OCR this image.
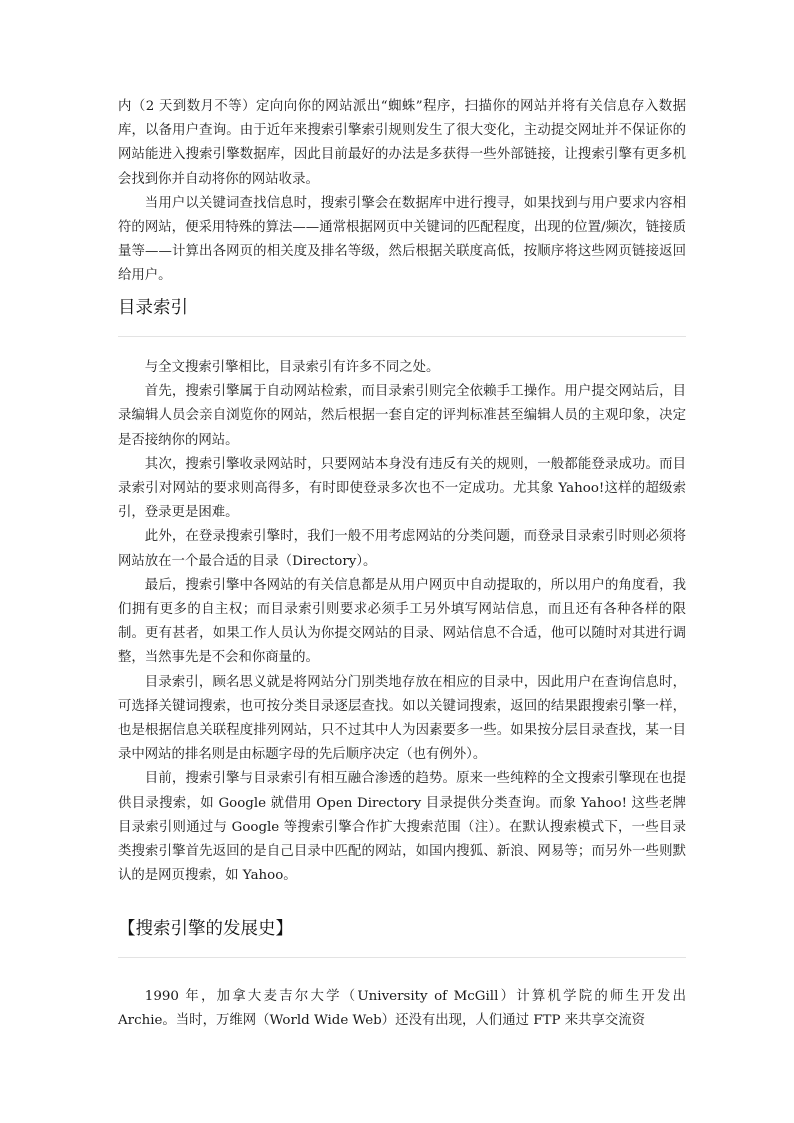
内（2 天到数月不等）定向向你的网站派出“蜘蛛”程序，扫描你的网站并将有关信息存入数据库，以备用户查询。由于近年来搜索引擎索引规则发生了很大变化，主动提交网址并不保证你的网站能进入搜索引擎数据库，因此目前最好的办法是多获得一些外部链接，让搜索引擎有更多机会找到你并自动将你的网站收录。

当用户以关键词查找信息时，搜索引擎会在数据库中进行搜寻，如果找到与用户要求内容相符的网站，便采用特殊的算法——通常根据网页中关键词的匹配程度，出现的位置/频次，链接质量等——计算出各网页的相关度及排名等级，然后根据关联度高低，按顺序将这些网页链接返回给用户。

目录索引

与全文搜索引擎相比，目录索引有许多不同之处。

首先，搜索引擎属于自动网站检索，而目录索引则完全依赖手工操作。用户提交网站后，目录编辑人员会亲自浏览你的网站，然后根据一套自定的评判标准甚至编辑人员的主观印象，决定是否接纳你的网站。

其次，搜索引擎收录网站时，只要网站本身没有违反有关的规则，一般都能登录成功。而目录索引对网站的要求则高得多，有时即使登录多次也不一定成功。尤其象 Yahoo!这样的超级索引，登录更是困难。

此外，在登录搜索引擎时，我们一般不用考虑网站的分类问题，而登录目录索引时则必须将网站放在一个最合适的目录（Directory）。

最后，搜索引擎中各网站的有关信息都是从用户网页中自动提取的，所以用户的角度看，我们拥有更多的自主权；而目录索引则要求必须手工另外填写网站信息，而且还有各种各样的限制。更有甚者，如果工作人员认为你提交网站的目录、网站信息不合适，他可以随时对其进行调整，当然事先是不会和你商量的。

目录索引，顾名思义就是将网站分门别类地存放在相应的目录中，因此用户在查询信息时，可选择关键词搜索，也可按分类目录逐层查找。如以关键词搜索，返回的结果跟搜索引擎一样，也是根据信息关联程度排列网站，只不过其中人为因素要多一些。如果按分层目录查找，某一目录中网站的排名则是由标题字母的先后顺序决定（也有例外）。

目前，搜索引擎与目录索引有相互融合渗透的趋势。原来一些纯粹的全文搜索引擎现在也提供目录搜索，如 Google 就借用 Open Directory 目录提供分类查询。而象 Yahoo! 这些老牌目录索引则通过与 Google 等搜索引擎合作扩大搜索范围（注）。在默认搜索模式下，一些目录类搜索引擎首先返回的是自己目录中匹配的网站，如国内搜狐、新浪、网易等；而另外一些则默认的是网页搜索，如 Yahoo。

【搜索引擎的发展史】

1990 年，加拿大麦吉尔大学（University of McGill）计算机学院的师生开发出 Archie。当时，万维网（World Wide Web）还没有出现，人们通过 FTP 来共享交流资
